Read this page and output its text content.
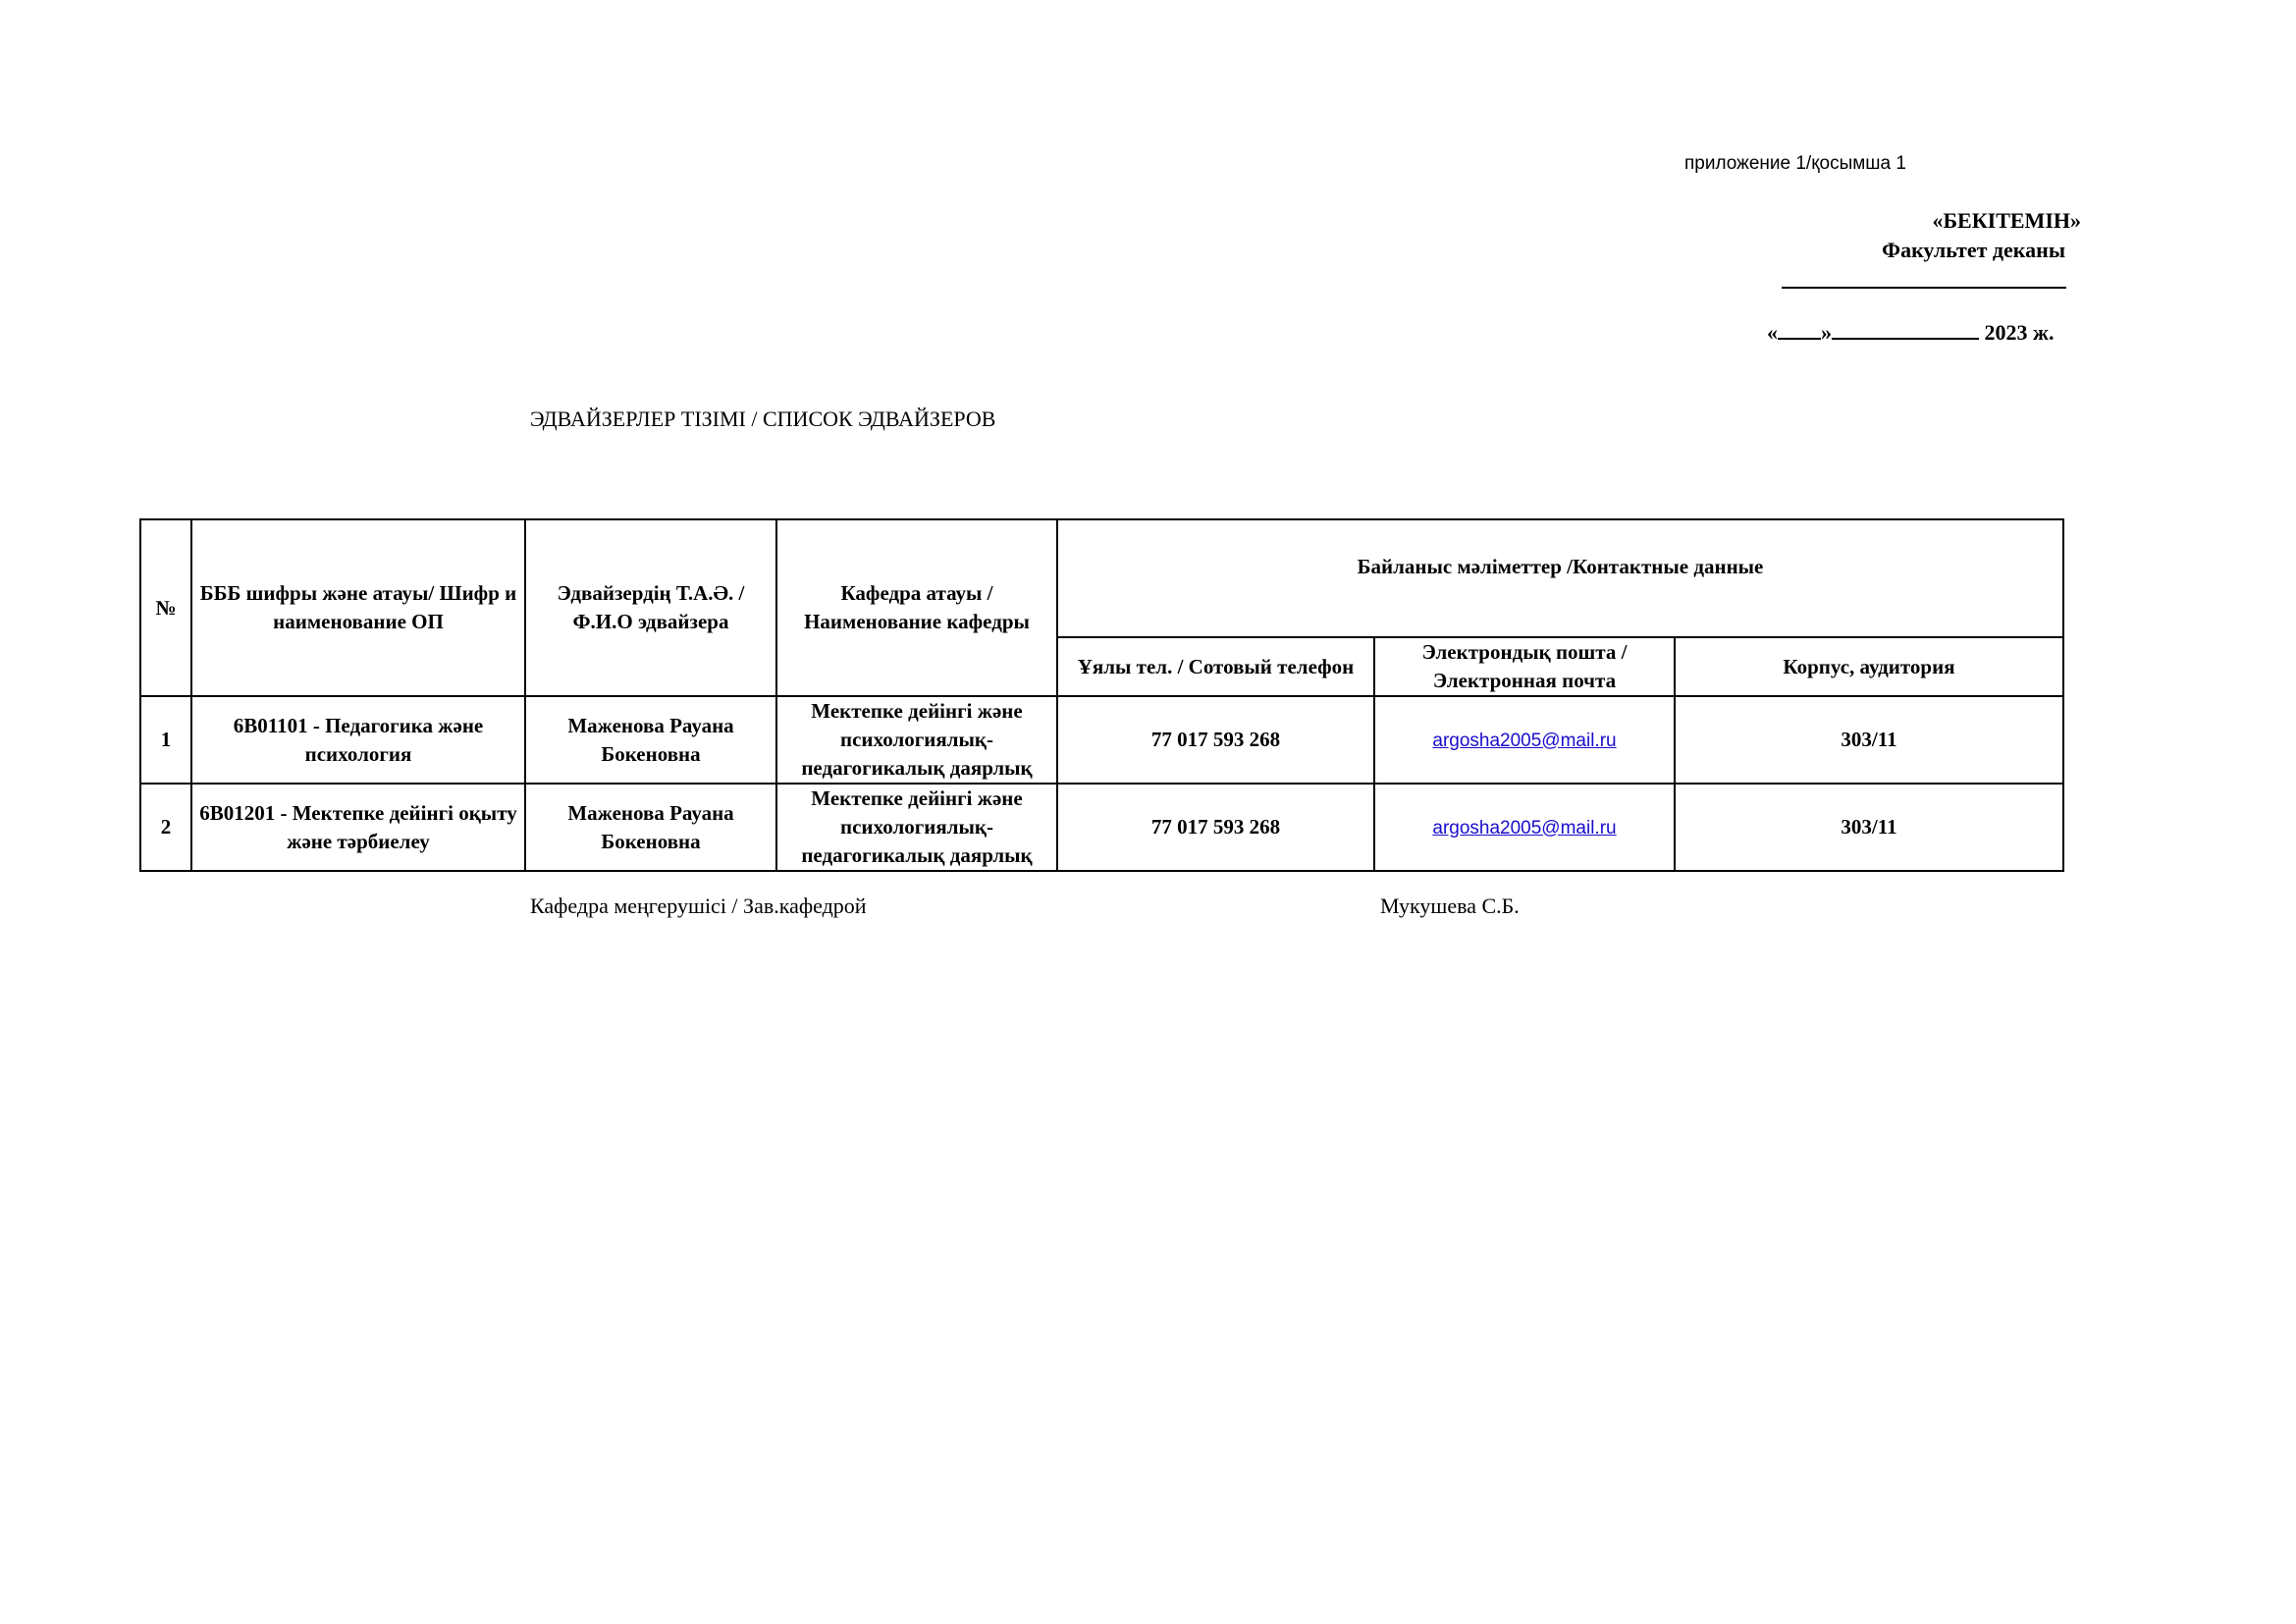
приложение 1/қосымша 1
«БЕКІТЕМІН»
Факультет деканы
« »	2023 ж.
ЭДВАЙЗЕРЛЕР ТІЗІМІ / СПИСОК ЭДВАЙЗЕРОВ
№	БББ шифры және атауы/ Шифр и наименование ОП	Эдвайзердің Т.А.Ә. / Ф.И.О эдвайзера	Кафедра атауы / Наименование кафедры	Байланыс мәліметтер /Контактные данные		
				Ұялы тел. / Сотовый телефон	Электрондық пошта /Электронная почта	Корпус, аудитория
1	6В01101 - Педагогика және психология	Маженова Рауана Бокеновна	Мектепке дейінгі және психологиялық-педагогикалық даярлық	77 017 593 268	argosha2005@mail.ru	303/11
2	6В01201 - Мектепке дейінгі оқыту және тәрбиелеу	Маженова Рауана Бокеновна	Мектепке дейінгі және психологиялық-педагогикалық даярлық	77 017 593 268	argosha2005@mail.ru	303/11
Кафедра меңгерушісі / Зав.кафедрой	Мукушева С.Б.
